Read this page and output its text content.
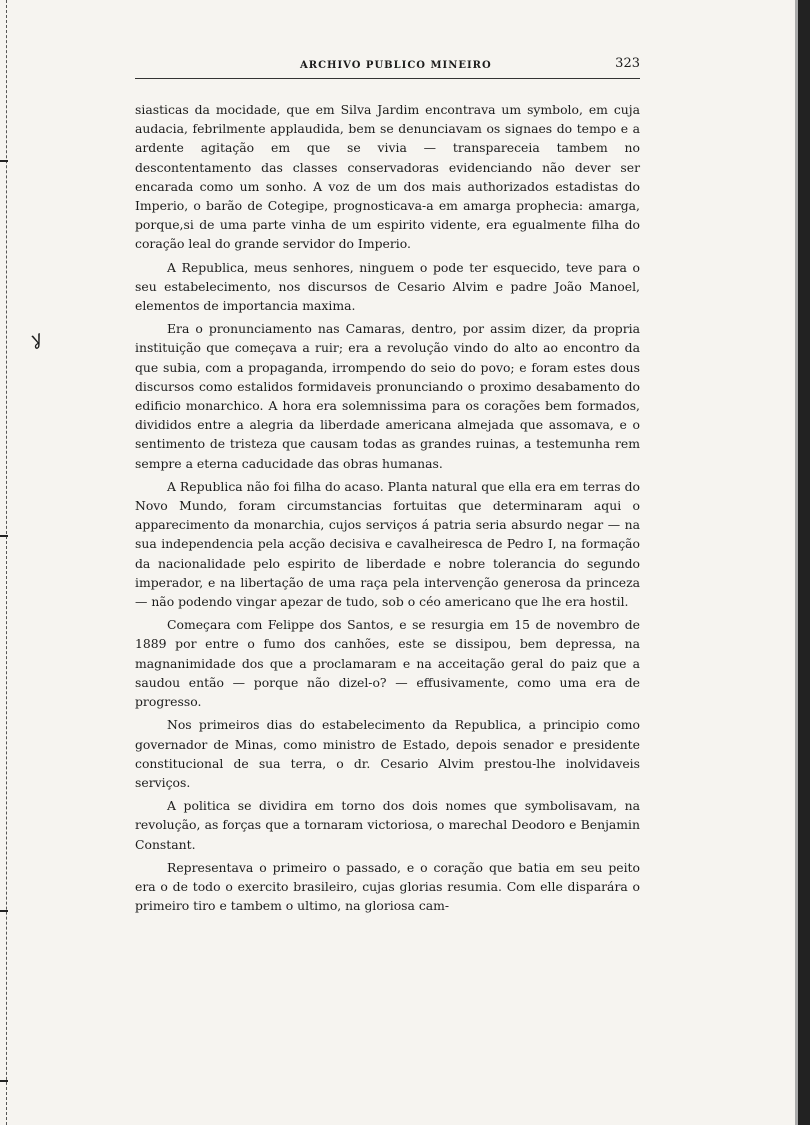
ARCHIVO PUBLICO MINEIRO	323
ỿ

siasticas da mocidade, que em Silva Jardim encontrava um symbolo, em cuja audacia, febrilmente applaudida, bem se denunciavam os signaes do tempo e a ardente agitação em que se vivia — transpareceia tambem no descontentamento das classes conservadoras evidenciando não dever ser encarada como um sonho. A voz de um dos mais authorizados estadistas do Imperio, o barão de Cotegipe, prognosticava-a em amarga prophecia: amarga, porque,si de uma parte vinha de um espirito vidente, era egualmente filha do coração leal do grande servidor do Imperio.

A Republica, meus senhores, ninguem o pode ter esquecido, teve para o seu estabelecimento, nos discursos de Cesario Alvim e padre João Manoel, elementos de importancia maxima.

Era o pronunciamento nas Camaras, dentro, por assim dizer, da propria instituição que começava a ruir; era a revolução vindo do alto ao encontro da que subia, com a propaganda, irrompendo do seio do povo; e foram estes dous discursos como estalidos formidaveis pronunciando o proximo desabamento do edificio monarchico. A hora era solemnissima para os corações bem formados, divididos entre a alegria da liberdade americana almejada que assomava, e o sentimento de tristeza que causam todas as grandes ruinas, a testemunha rem sempre a eterna caducidade das obras humanas.

A Republica não foi filha do acaso. Planta natural que ella era em terras do Novo Mundo, foram circumstancias fortuitas que determinaram aqui o apparecimento da monarchia, cujos serviços á patria seria absurdo negar — na sua independencia pela acção decisiva e cavalheiresca de Pedro I, na formação da nacionalidade pelo espirito de liberdade e nobre tolerancia do segundo imperador, e na libertação de uma raça pela intervenção generosa da princeza — não podendo vingar apezar de tudo, sob o céo americano que lhe era hostil.

Começara com Felippe dos Santos, e se resurgia em 15 de novembro de 1889 por entre o fumo dos canhões, este se dissipou, bem depressa, na magnanimidade dos que a proclamaram e na acceitação geral do paiz que a saudou então — porque não dizel-o? — effusivamente, como uma era de progresso.

Nos primeiros dias do estabelecimento da Republica, a principio como governador de Minas, como ministro de Estado, depois senador e presidente constitucional de sua terra, o dr. Cesario Alvim prestou-lhe inolvidaveis serviços.

A politica se dividira em torno dos dois nomes que symbolisavam, na revolução, as forças que a tornaram victoriosa, o marechal Deodoro e Benjamin Constant.

Representava o primeiro o passado, e o coração que batia em seu peito era o de todo o exercito brasileiro, cujas glorias resumia. Com elle disparára o primeiro tiro e tambem o ultimo, na gloriosa cam-
